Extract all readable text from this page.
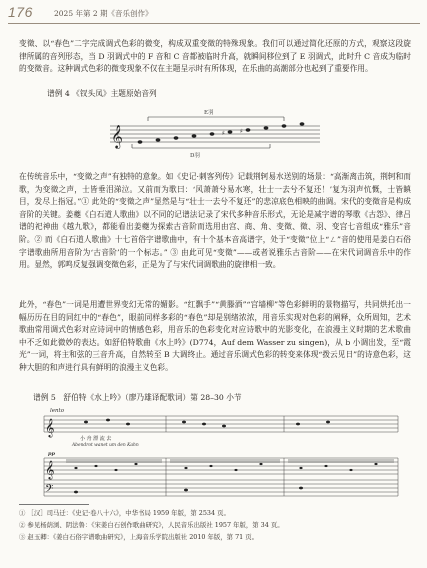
176	2025 年第 2 期《音乐创作》

变徵、以“春色”二字完成调式色彩的微变，构成双重变徵的特殊现象。我们可以通过简化还原的方式，观察这段旋律所属的音列形态，当 D 羽调式中的 F 音和 C 音都被临时升高，就瞬间移位到了 E 羽调式，此时升 C 音成为临时的变徵音。这种调式色彩的微变现象不仅在主题呈示时有所体现，在乐曲的高潮部分也起到了重要作用。

谱例 4 《钗头凤》主题原始音列
E羽
𝄞	♯	♯
D羽

在传统音乐中，“变徵之声”有独特的意象。如《史记·刺客列传》记载荆轲易水送别的场景：“高渐离击筑，荆轲和而歌，为变徵之声，士皆垂泪涕泣。又前而为歌曰：‘风萧萧兮易水寒，壮士一去兮不复还！’复为羽声忼慨，士皆瞋目，发尽上指冠。”① 此处的“变徵之声”显然是与“壮士一去兮不复还”的悲凉底色相映的曲调。宋代的变徵音是构成音阶的关键。姜夔《白石道人歌曲》以不同的记谱法记录了宋代多种音乐形式，无论是减字谱的琴歌《古怨》、律吕谱的祀神曲《越九歌》，都能看出姜夔为探索古音阶而选用由宫、商、角、变徵、徵、羽、变宫七音组成“雅乐”音阶。② 而《白石道人歌曲》十七首俗字谱歌曲中，有十个基本音高谱字，处于“变徵”位上“ㄥ”音的使用是姜白石俗字谱歌曲所用音阶为‘古音阶’的一个标志。” ③ 由此可见“变徵”——或者说雅乐古音阶——在宋代词调音乐中的作用。显然，郭鸣反复强调变徵色彩，正是为了与宋代词调歌曲的旋律相一致。

此外，“春色”一词是用遭世界变幻无常的媚影。“红飘手”“黄滕酒”“宫墙柳”等色彩鲜明的景物描写，共同烘托出一幅历历在目的同红中的“春色”，眼前同样多彩的“春色”却是别绪浓浓，用音乐实现对色彩的阐释，众所周知，艺术歌曲常用调式色彩对应诗词中的情感色彩，用音乐的色彩变化对应诗歌中的光影变化，在浪漫主义时期的艺术歌曲中不乏如此微妙的表达。如舒伯特歌曲《水上吟》(D774，Auf dem Wasser zu singen)，从 b 小调出发，至“霞光”一词，将主和弦的三音升高，自然转至 B 大调终止。通过音乐调式色彩的转变来体现“拨云见日”的诗意色彩，这种大胆的和声进行具有鲜明的浪漫主义色彩。

谱例 5　舒伯特《水上吟》（廖乃雄译配歌词）第 28–30 小节
lento
𝄞
小 舟 漂 流 去
Abendrot wanet um den Kahn
pp
𝄞
𝄢
① ［汉］司马迁：《史记·卷八十六》，中华书局 1959 年版，第 2534 页。
② 参见杨荫浏、阴法鲁：《宋姜白石创作歌曲研究》，人民音乐出版社 1957 年版，第 34 页。
③ 赵玉卿：《姜白石俗字谱歌曲研究》，上海音乐学院出版社 2010 年版，第 71 页。
